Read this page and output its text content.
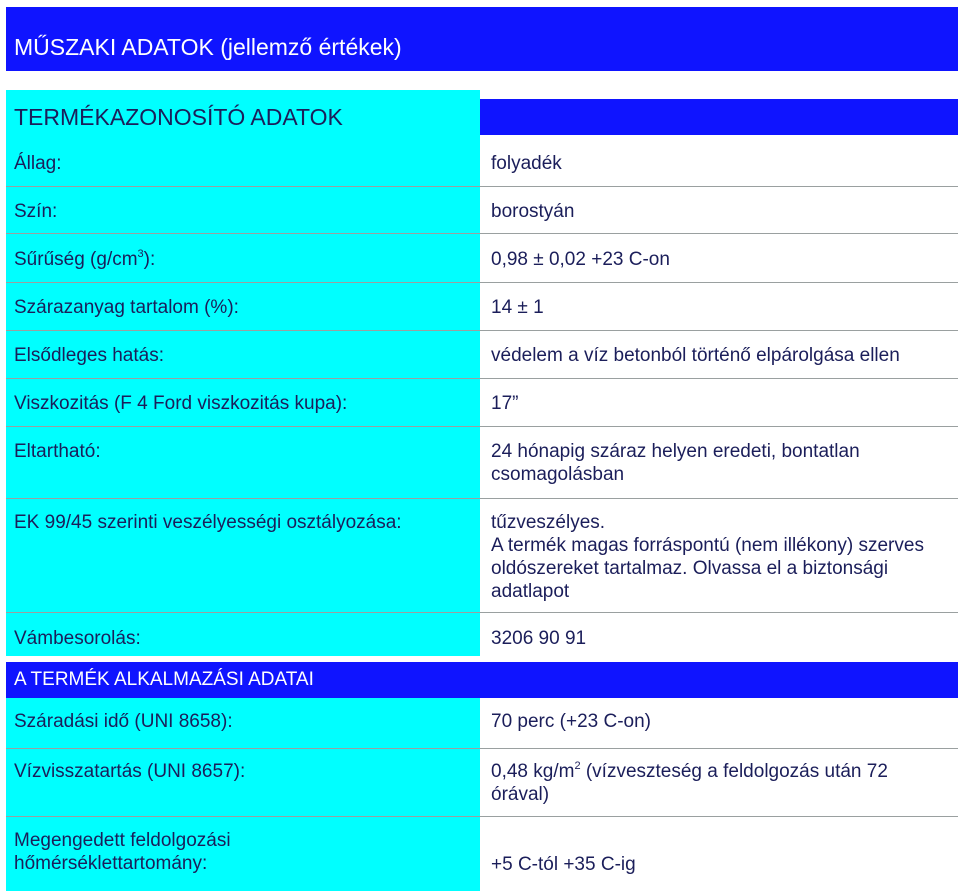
MŰSZAKI ADATOK (jellemző értékek)
TERMÉKAZONOSÍTÓ ADATOK
A TERMÉK ALKALMAZÁSI ADATAI
Állag:	folyadék
Szín:	borostyán
Sűrűség $(g/cm^3)$:	0,98 ± 0,02 +23 C-on
Szárazanyag tartalom (%):	14 ± 1
Elsődleges hatás:	védelem a víz betonból történő elpárolgása ellen
Viszkozitás (F 4 Ford viszkozitás kupa):	17”
Eltartható:	24 hónapig száraz helyen eredeti, bontatlan csomagolásban
EK 99/45 szerinti veszélyességi osztályozása:	tűzveszélyes.
A termék magas forráspontú (nem illékony) szerves oldószereket tartalmaz. Olvassa el a biztonsági adatlapot
Vámbesorolás:	3206 90 91
Száradási idő (UNI 8658):	70 perc (+23 C-on)
Vízvisszatartás (UNI 8657):	0,48 $kg/m^2$ (vízveszteség a feldolgozás után 72 órával)
Megengedett feldolgozási hőmérséklettartomány:	+5 C-tól +35 C-ig
